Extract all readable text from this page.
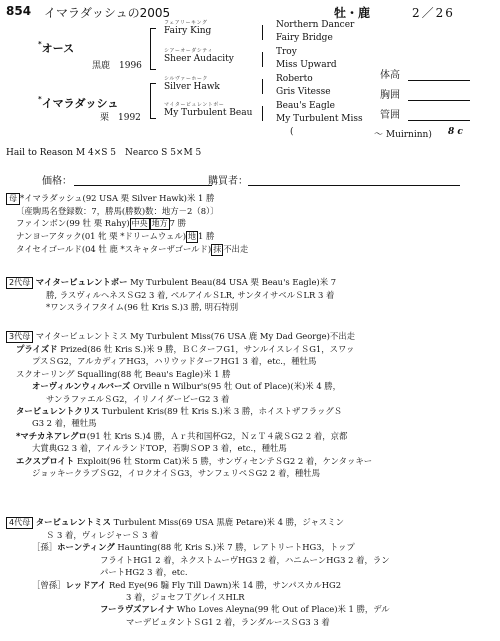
854 イマラダッシュの2005	牡・鹿	2／26
*オース
黒鹿　1996
*イマラダッシュ
栗　1992
フェアリーキング
Fairy King
シアーオーダシティ
Sheer Audacity
シルヴァーホーク
Silver Hawk
マイタービュレントボー
My Turbulent Beau
Northern Dancer
Fairy Bridge
Troy
Miss Upward
Roberto
Gris Vitesse
Beau's Eagle
My Turbulent Miss
(	～ Muirninn) 8 c
体高
胸囲
管囲
Hail to Reason M 4×S 5　Nearco S 5×M 5
価格：	購買者：
母 *イマラダッシュ(92 USA 栗 Silver Hawk)米 1 勝
〔産駒馬名登録数：7，勝馬(勝数)数：地方－2（8）〕
ファインボン(99 牡 栗 Rahy) 中央 地方 7 勝
ナンヨーアタック(01 牝 栗 *ドリームウェル) 地 1 勝
タイセイゴールド(04 牡 鹿 *スキャターザゴールド) 抹 不出走
2代母 マイタービュレントボー My Turbulent Beau(84 USA 栗 Beau's Eagle)米 7
勝, ラスヴィルヘネスＳG2 3 着, ベルアイルＳLR, サンタイサベルＳLR 3 着
*ワンスライフタイム(96 牡 Kris S.)3 勝, 明石特別
3代母 マイタービュレントミス My Turbulent Miss(76 USA 鹿 My Dad George)不出走
プライズド Prized(86 牡 Kris S.)米 9 勝，ＢＣターフG1，サンルイスレイＳG1，スワッ
プスＳG2，アルカディアHG3，ハリウッドターフHG1 3 着，etc.，種牡馬
スクオーリング Squalling(88 牝 Beau's Eagle)米 1 勝
オーヴィルンウィルバーズ Orville n Wilbur's(95 牡 Out of Place)(米)米 4 勝，
サンラファエルＳG2，イリノイダービーG2 3 着
タービュレントクリス Turbulent Kris(89 牡 Kris S.)米 3 勝，ホイストザフラッグＳ
G3 2 着，種牡馬
*マチカネアレグロ(91 牡 Kris S.)4 勝，Ａｒ共和国杯G2，ＮｚＴ４歳ＳG2 2 着，京都
大賞典G2 3 着，アイルランドTOP，若駒ＳOP 3 着，etc.，種牡馬
エクスプロイト Exploit(96 牡 Storm Cat)米 5 勝，サンヴィセンテＳG2 2 着，ケンタッキー
ジョッキークラブＳG2，イロクオイＳG3，サンフェリペＳG2 2 着，種牡馬
4代母 タービュレントミス Turbulent Miss(69 USA 黒鹿 Petare)米 4 勝，ジャスミン
Ｓ 3 着，ヴィレジャーＳ 3 着
［孫］ホーンティング Haunting(88 牝 Kris S.)米 7 勝，レアトリートHG3，トップ
フライトHG1 2 着，ネクストムーヴHG3 2 着，ハニムーンHG3 2 着，ラン
パートHG2 3 着，etc.
［曾孫］レッドアイ Red Eye(96 騸 Fly Till Dawn)米 14 勝，サンパスカルHG2
3 着，ジョセフＴグレイスHLR
フーラヴズアレイナ Who Loves Aleyna(99 牝 Out of Place)米 1 勝，デル
マーデビュタントＳG1 2 着，ランダルースＳG3 3 着
